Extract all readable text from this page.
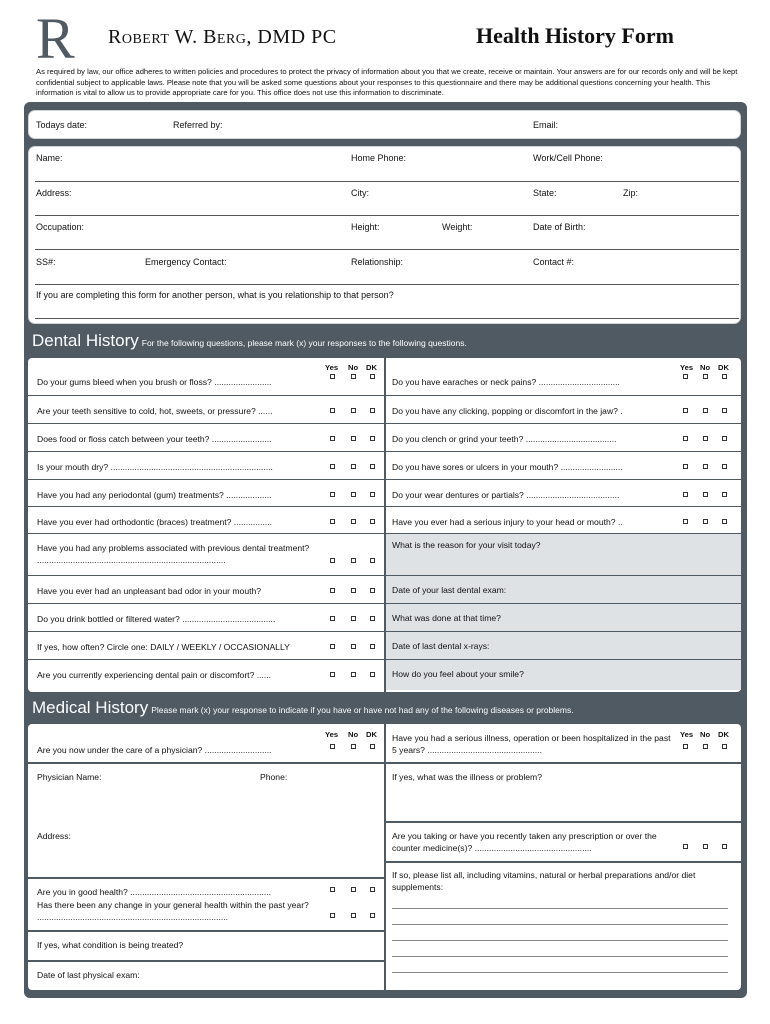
R Robert W. Berg, DMD PC	Health History Form
As required by law, our office adheres to written policies and procedures to protect the privacy of information about you that we create, receive or maintain. Your answers are for our records only and will be kept confidential subject to applicable laws. Please note that you will be asked some questions about your responses to this questionnaire and there may be additional questions concerning your health. This information is vital to allow us to provide appropriate care for you. This office does not use this information to discriminate.
Todays date:	Referred by:	Email:
Name:	Home Phone:	Work/Cell Phone:
Address:	City:	State:	Zip:
Occupation:	Height:	Weight:	Date of Birth:
SS#:	Emergency Contact:	Relationship:	Contact #:
If you are completing this form for another person, what is you relationship to that person?
Dental History For the following questions, please mark (x) your responses to the following questions.
Yes No DK	Yes No DK
Do your gums bleed when you brush or floss? ........................
Are your teeth sensitive to cold, hot, sweets, or pressure? ......
Does food or floss catch between your teeth? .........................
Is your mouth dry? ....................................................................
Have you had any periodontal (gum) treatments? ...................
Have you ever had orthodontic (braces) treatment? ................
Have you had any problems associated with previous dental treatment? ...............................................................................
Have you ever had an unpleasant bad odor in your mouth?
Do you drink bottled or filtered water? .......................................
If yes, how often? Circle one: DAILY / WEEKLY / OCCASIONALLY
Are you currently experiencing dental pain or discomfort? ......
Do you have earaches or neck pains? ..................................
Do you have any clicking, popping or discomfort in the jaw? .
Do you clench or grind your teeth? ......................................
Do you have sores or ulcers in your mouth? ..........................
Do your wear dentures or partials? .......................................
Have you ever had a serious injury to your head or mouth? ..
What is the reason for your visit today?
Date of your last dental exam:
What was done at that time?
Date of last dental x-rays:
How do you feel about your smile?
Medical History Please mark (x) your response to indicate if you have or have not had any of the following diseases or problems.
Yes No DK
Are you now under the care of a physician? ............................
Physician Name:	Phone:
Address:
Are you in good health? ...........................................................
Has there been any change in your general health within the past year? ................................................................................
If yes, what condition is being treated?
Date of last physical exam:
Yes No DK
Have you had a serious illness, operation or been hospitalized in the past 5 years? ................................................
If yes, what was the illness or problem?
Are you taking or have you recently taken any prescription or over the counter medicine(s)? .................................................
If so, please list all, including vitamins, natural or herbal preparations and/or diet supplements:
